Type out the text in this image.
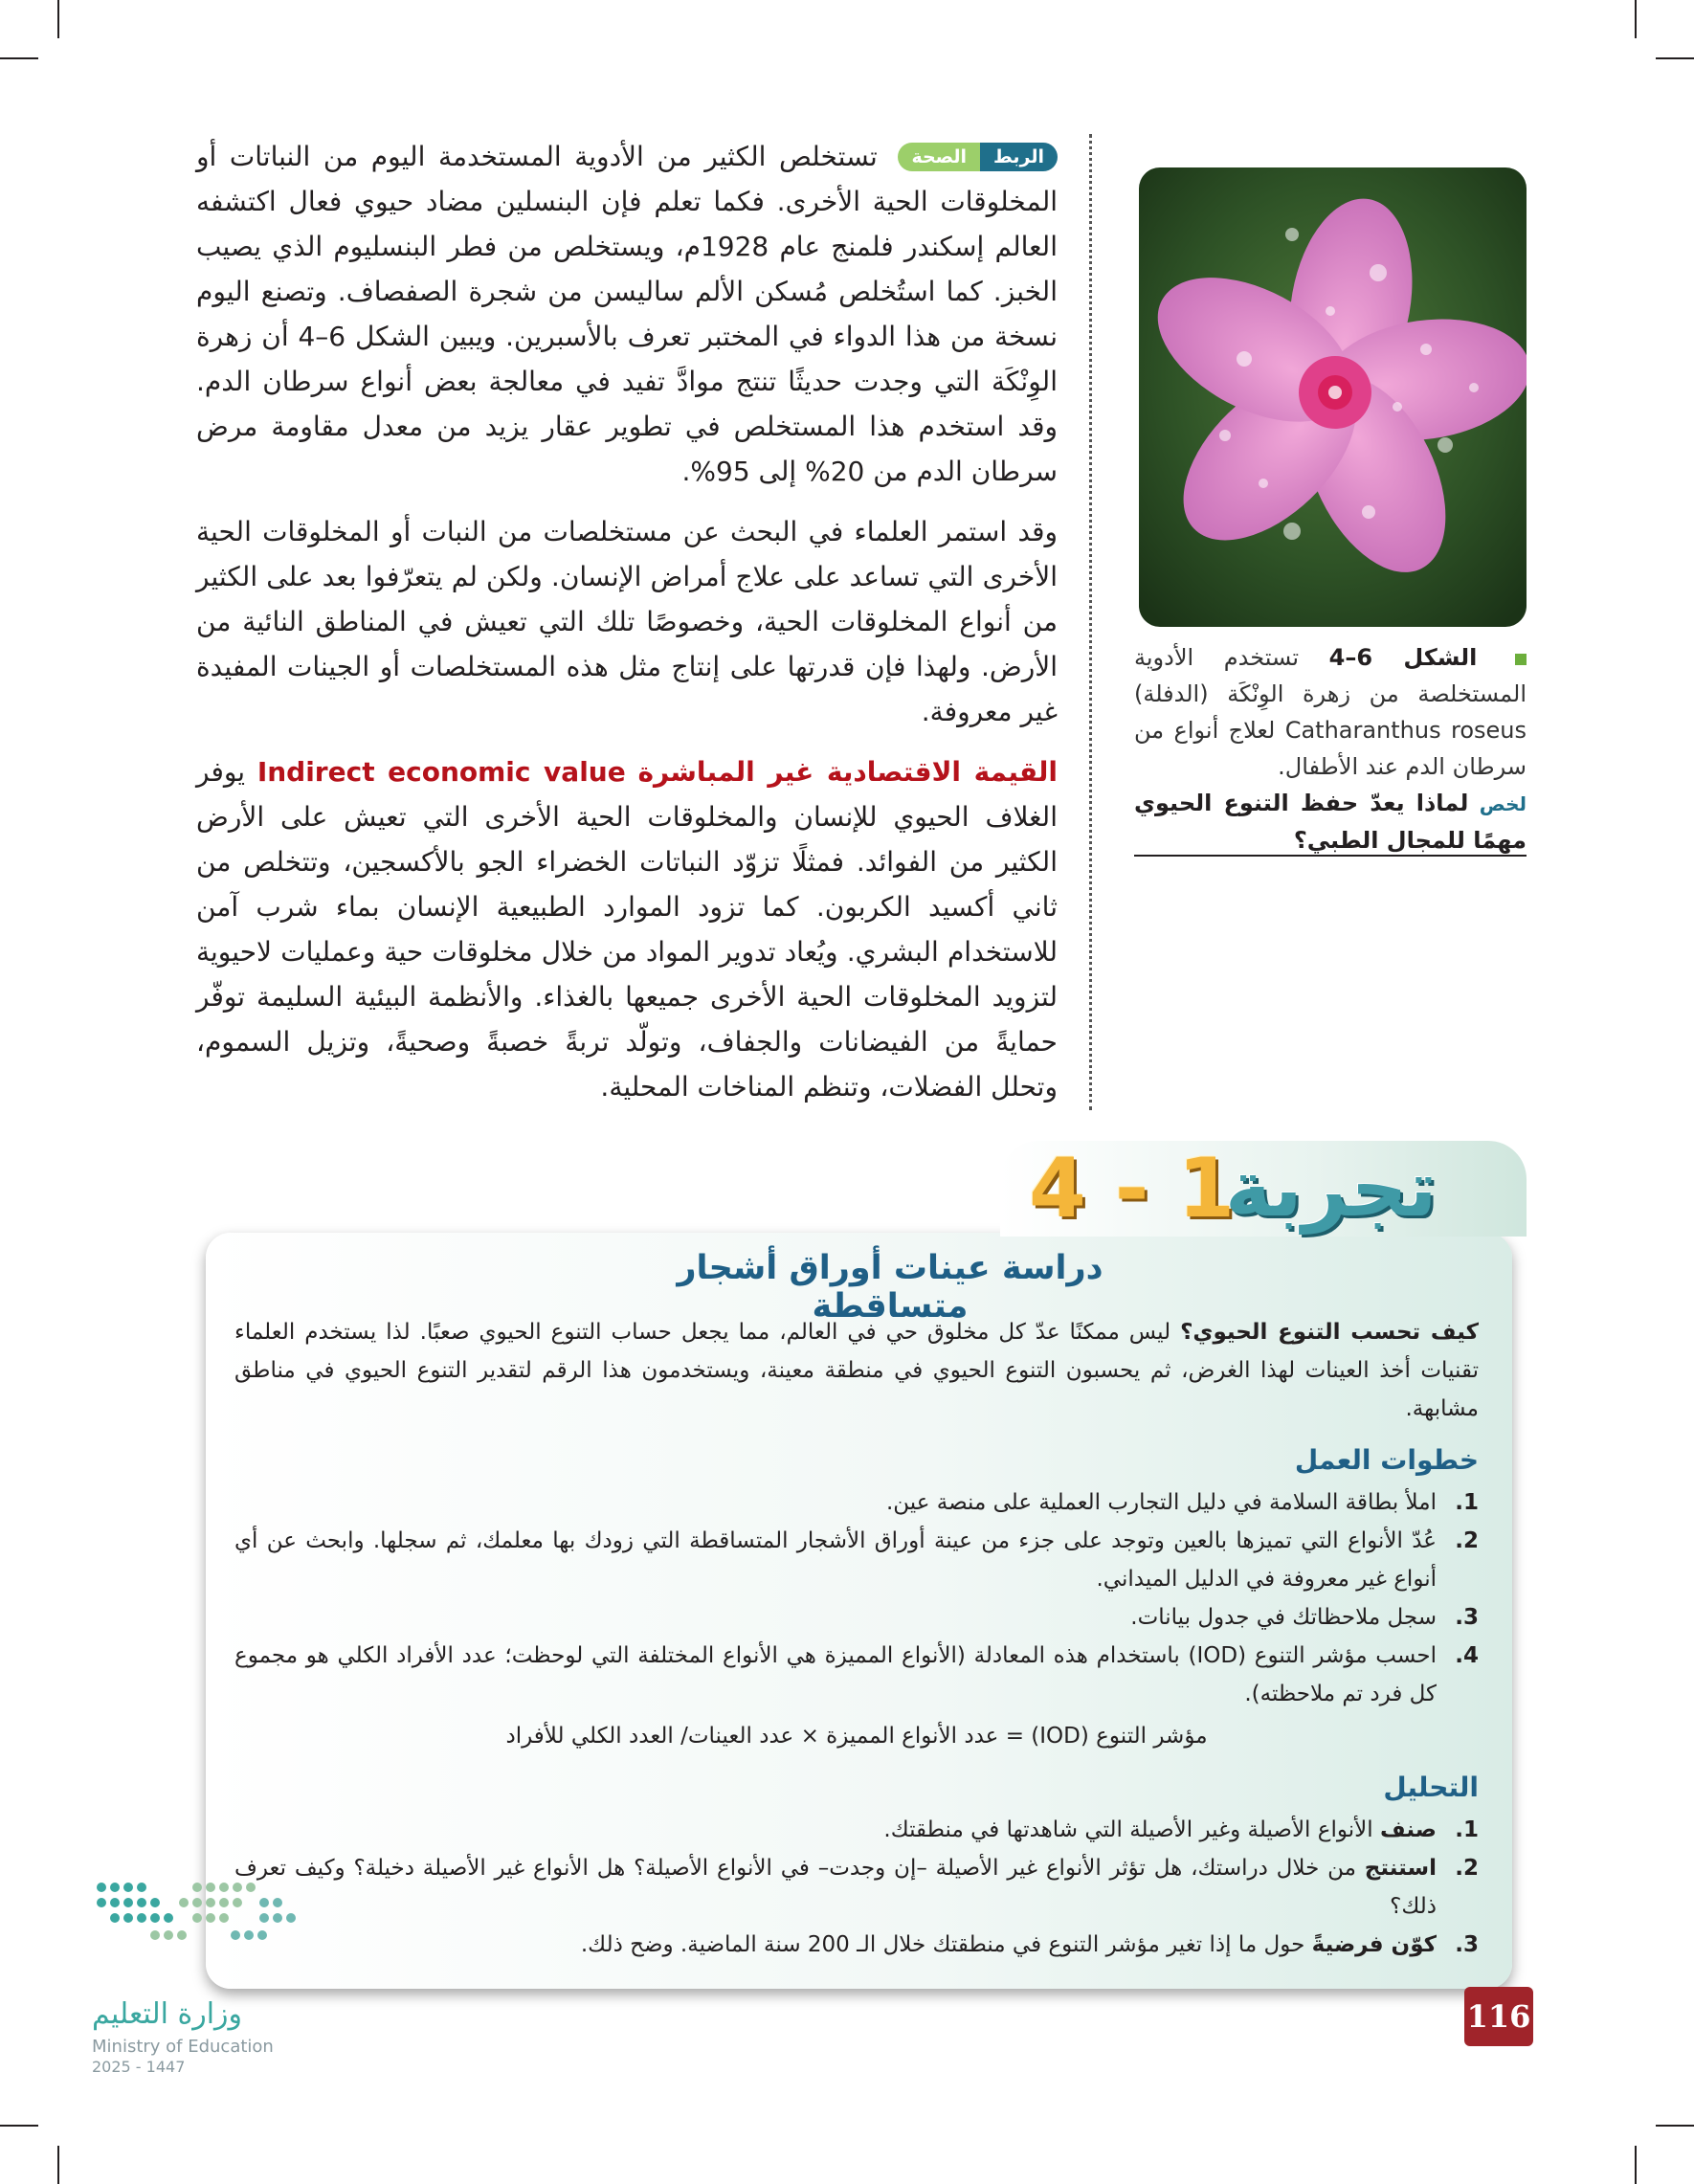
الربط
الصحة
تستخلص الكثير من الأدوية المستخدمة اليوم من النباتات أو المخلوقات الحية الأخرى. فكما تعلم فإن البنسلين مضاد حيوي فعال اكتشفه العالم إسكندر فلمنج عام 1928م، ويستخلص من فطر البنسليوم الذي يصيب الخبز. كما استُخلص مُسكن الألم ساليسن من شجرة الصفصاف. وتصنع اليوم نسخة من هذا الدواء في المختبر تعرف بالأسبرين. ويبين الشكل 6–4 أن زهرة الوِنْكَة التي وجدت حديثًا تنتج موادَّ تفيد في معالجة بعض أنواع سرطان الدم. وقد استخدم هذا المستخلص في تطوير عقار يزيد من معدل مقاومة مرض سرطان الدم من 20% إلى 95%.

وقد استمر العلماء في البحث عن مستخلصات من النبات أو المخلوقات الحية الأخرى التي تساعد على علاج أمراض الإنسان. ولكن لم يتعرّفوا بعد على الكثير من أنواع المخلوقات الحية، وخصوصًا تلك التي تعيش في المناطق النائية من الأرض. ولهذا فإن قدرتها على إنتاج مثل هذه المستخلصات أو الجينات المفيدة غير معروفة.

القيمة الاقتصادية غير المباشرة Indirect economic value يوفر الغلاف الحيوي للإنسان والمخلوقات الحية الأخرى التي تعيش على الأرض الكثير من الفوائد. فمثلًا تزوّد النباتات الخضراء الجو بالأكسجين، وتتخلص من ثاني أكسيد الكربون. كما تزود الموارد الطبيعية الإنسان بماء شرب آمن للاستخدام البشري. ويُعاد تدوير المواد من خلال مخلوقات حية وعمليات لاحيوية لتزويد المخلوقات الحية الأخرى جميعها بالغذاء. والأنظمة البيئية السليمة توفّر حمايةً من الفيضانات والجفاف، وتولّد تربةً خصبةً وصحيةً، وتزيل السموم، وتحلل الفضلات، وتنظم المناخات المحلية.

الشكل 6–4 تستخدم الأدوية المستخلصة من زهرة الوِنْكَة (الدفلة) Catharanthus roseus لعلاج أنواع من سرطان الدم عند الأطفال.
لخص لماذا يعدّ حفظ التنوع الحيوي مهمًا للمجال الطبي؟
تجربة
4 - 1
دراسة عينات أوراق أشجار متساقطة
كيف تحسب التنوع الحيوي؟ ليس ممكنًا عدّ كل مخلوق حي في العالم، مما يجعل حساب التنوع الحيوي صعبًا. لذا يستخدم العلماء تقنيات أخذ العينات لهذا الغرض، ثم يحسبون التنوع الحيوي في منطقة معينة، ويستخدمون هذا الرقم لتقدير التنوع الحيوي في مناطق مشابهة.
خطوات العمل
1.
املأ بطاقة السلامة في دليل التجارب العملية على منصة عين.
2.
عُدّ الأنواع التي تميزها بالعين وتوجد على جزء من عينة أوراق الأشجار المتساقطة التي زودك بها معلمك، ثم سجلها. وابحث عن أي أنواع غير معروفة في الدليل الميداني.
3.
سجل ملاحظاتك في جدول بيانات.
4.
احسب مؤشر التنوع (IOD) باستخدام هذه المعادلة (الأنواع المميزة هي الأنواع المختلفة التي لوحظت؛ عدد الأفراد الكلي هو مجموع كل فرد تم ملاحظته).
مؤشر التنوع (IOD) = عدد الأنواع المميزة × عدد العينات/ العدد الكلي للأفراد
التحليل
1.
صنف الأنواع الأصيلة وغير الأصيلة التي شاهدتها في منطقتك.
2.
استنتج من خلال دراستك، هل تؤثر الأنواع غير الأصيلة –إن وجدت– في الأنواع الأصيلة؟ هل الأنواع غير الأصيلة دخيلة؟ وكيف تعرف ذلك؟
3.
كوّن فرضيةً حول ما إذا تغير مؤشر التنوع في منطقتك خلال الـ 200 سنة الماضية. وضح ذلك.
وزارة التعليم
Ministry of Education
2025 - 1447
116
